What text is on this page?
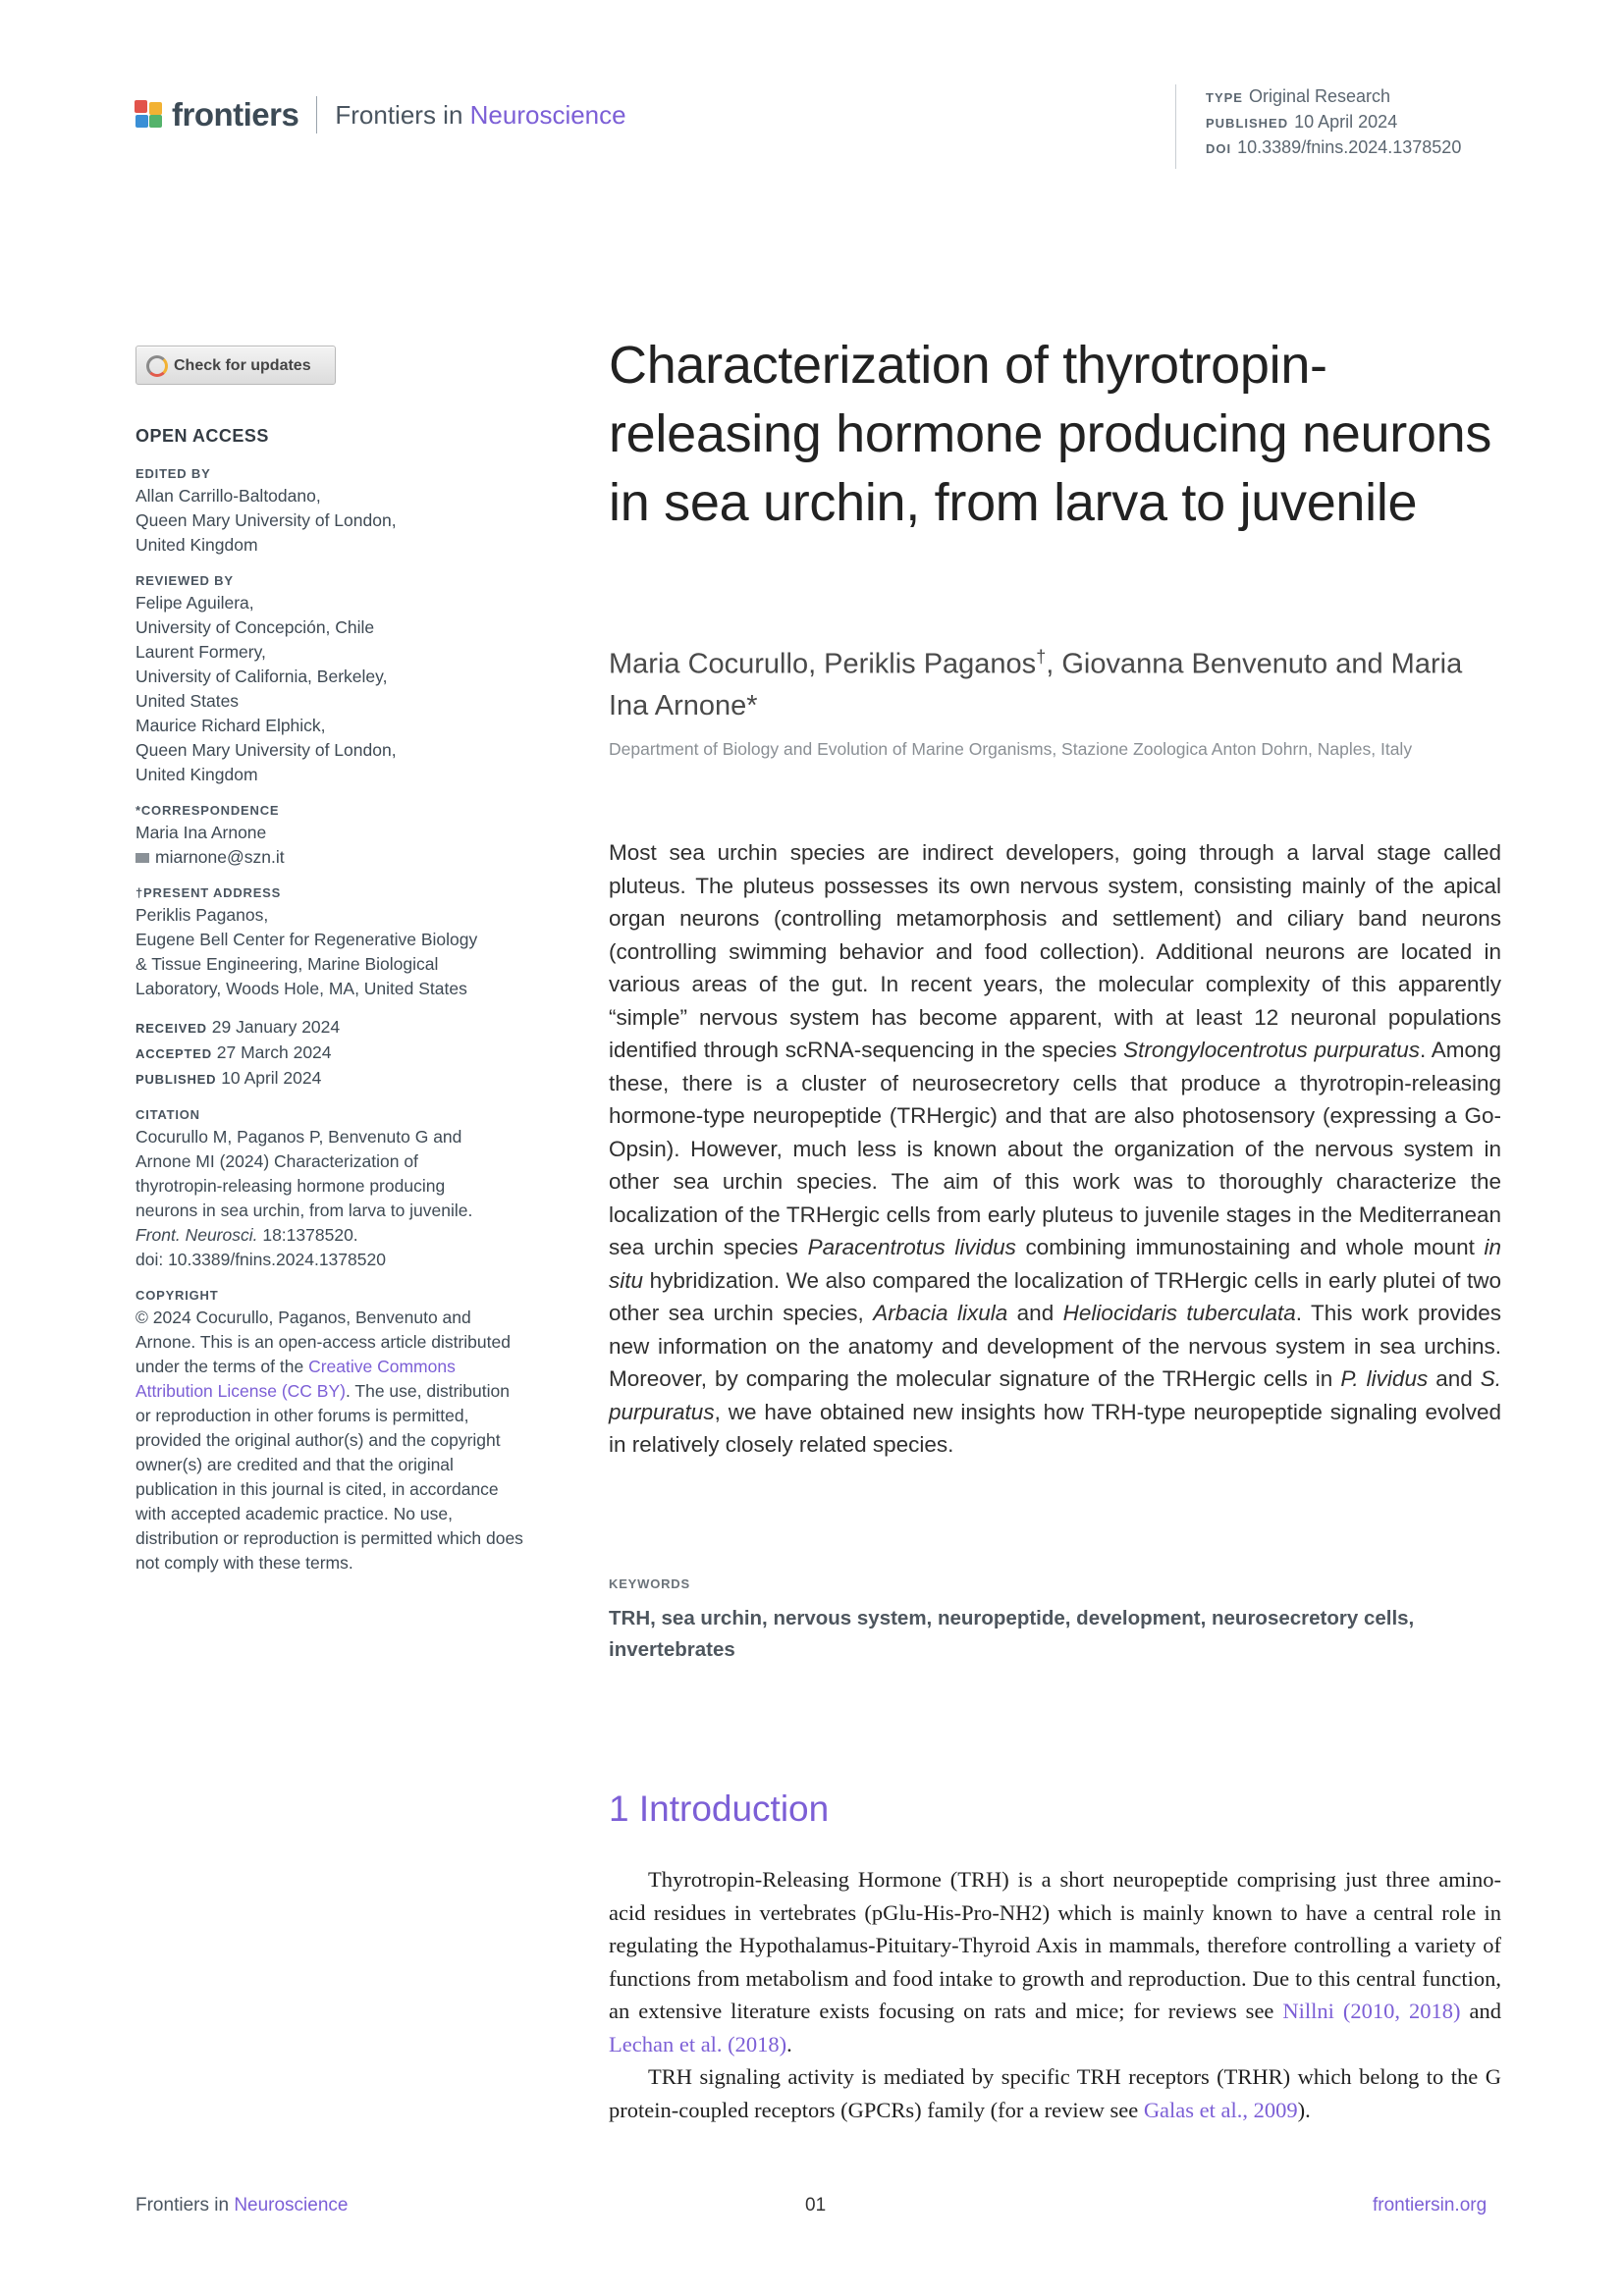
frontiers Frontiers in Neuroscience
TYPE Original Research
PUBLISHED 10 April 2024
DOI 10.3389/fnins.2024.1378520
Check for updates
OPEN ACCESS
EDITED BY
Allan Carrillo-Baltodano,
Queen Mary University of London,
United Kingdom
REVIEWED BY
Felipe Aguilera,
University of Concepción, Chile
Laurent Formery,
University of California, Berkeley,
United States
Maurice Richard Elphick,
Queen Mary University of London,
United Kingdom
*CORRESPONDENCE
Maria Ina Arnone
miarnone@szn.it
†PRESENT ADDRESS
Periklis Paganos,
Eugene Bell Center for Regenerative Biology
& Tissue Engineering, Marine Biological
Laboratory, Woods Hole, MA, United States
RECEIVED 29 January 2024
ACCEPTED 27 March 2024
PUBLISHED 10 April 2024
CITATION
Cocurullo M, Paganos P, Benvenuto G and
Arnone MI (2024) Characterization of
thyrotropin-releasing hormone producing
neurons in sea urchin, from larva to juvenile.
Front. Neurosci. 18:1378520.
doi: 10.3389/fnins.2024.1378520
COPYRIGHT
© 2024 Cocurullo, Paganos, Benvenuto and Arnone. This is an open-access article distributed under the terms of the Creative Commons Attribution License (CC BY). The use, distribution or reproduction in other forums is permitted, provided the original author(s) and the copyright owner(s) are credited and that the original publication in this journal is cited, in accordance with accepted academic practice. No use, distribution or reproduction is permitted which does not comply with these terms.
Characterization of thyrotropin-releasing hormone producing neurons in sea urchin, from larva to juvenile
Maria Cocurullo, Periklis Paganos†, Giovanna Benvenuto and Maria Ina Arnone*
Department of Biology and Evolution of Marine Organisms, Stazione Zoologica Anton Dohrn, Naples, Italy
Most sea urchin species are indirect developers, going through a larval stage called pluteus. The pluteus possesses its own nervous system, consisting mainly of the apical organ neurons (controlling metamorphosis and settlement) and ciliary band neurons (controlling swimming behavior and food collection). Additional neurons are located in various areas of the gut. In recent years, the molecular complexity of this apparently “simple” nervous system has become apparent, with at least 12 neuronal populations identified through scRNA-sequencing in the species Strongylocentrotus purpuratus. Among these, there is a cluster of neurosecretory cells that produce a thyrotropin-releasing hormone-type neuropeptide (TRHergic) and that are also photosensory (expressing a Go-Opsin). However, much less is known about the organization of the nervous system in other sea urchin species. The aim of this work was to thoroughly characterize the localization of the TRHergic cells from early pluteus to juvenile stages in the Mediterranean sea urchin species Paracentrotus lividus combining immunostaining and whole mount in situ hybridization. We also compared the localization of TRHergic cells in early plutei of two other sea urchin species, Arbacia lixula and Heliocidaris tuberculata. This work provides new information on the anatomy and development of the nervous system in sea urchins. Moreover, by comparing the molecular signature of the TRHergic cells in P. lividus and S. purpuratus, we have obtained new insights how TRH-type neuropeptide signaling evolved in relatively closely related species.
KEYWORDS
TRH, sea urchin, nervous system, neuropeptide, development, neurosecretory cells, invertebrates
1 Introduction

Thyrotropin-Releasing Hormone (TRH) is a short neuropeptide comprising just three amino-acid residues in vertebrates (pGlu-His-Pro-NH2) which is mainly known to have a central role in regulating the Hypothalamus-Pituitary-Thyroid Axis in mammals, therefore controlling a variety of functions from metabolism and food intake to growth and reproduction. Due to this central function, an extensive literature exists focusing on rats and mice; for reviews see Nillni (2010, 2018) and Lechan et al. (2018).

TRH signaling activity is mediated by specific TRH receptors (TRHR) which belong to the G protein-coupled receptors (GPCRs) family (for a review see Galas et al., 2009).

Frontiers in Neuroscience	01	frontiersin.org
